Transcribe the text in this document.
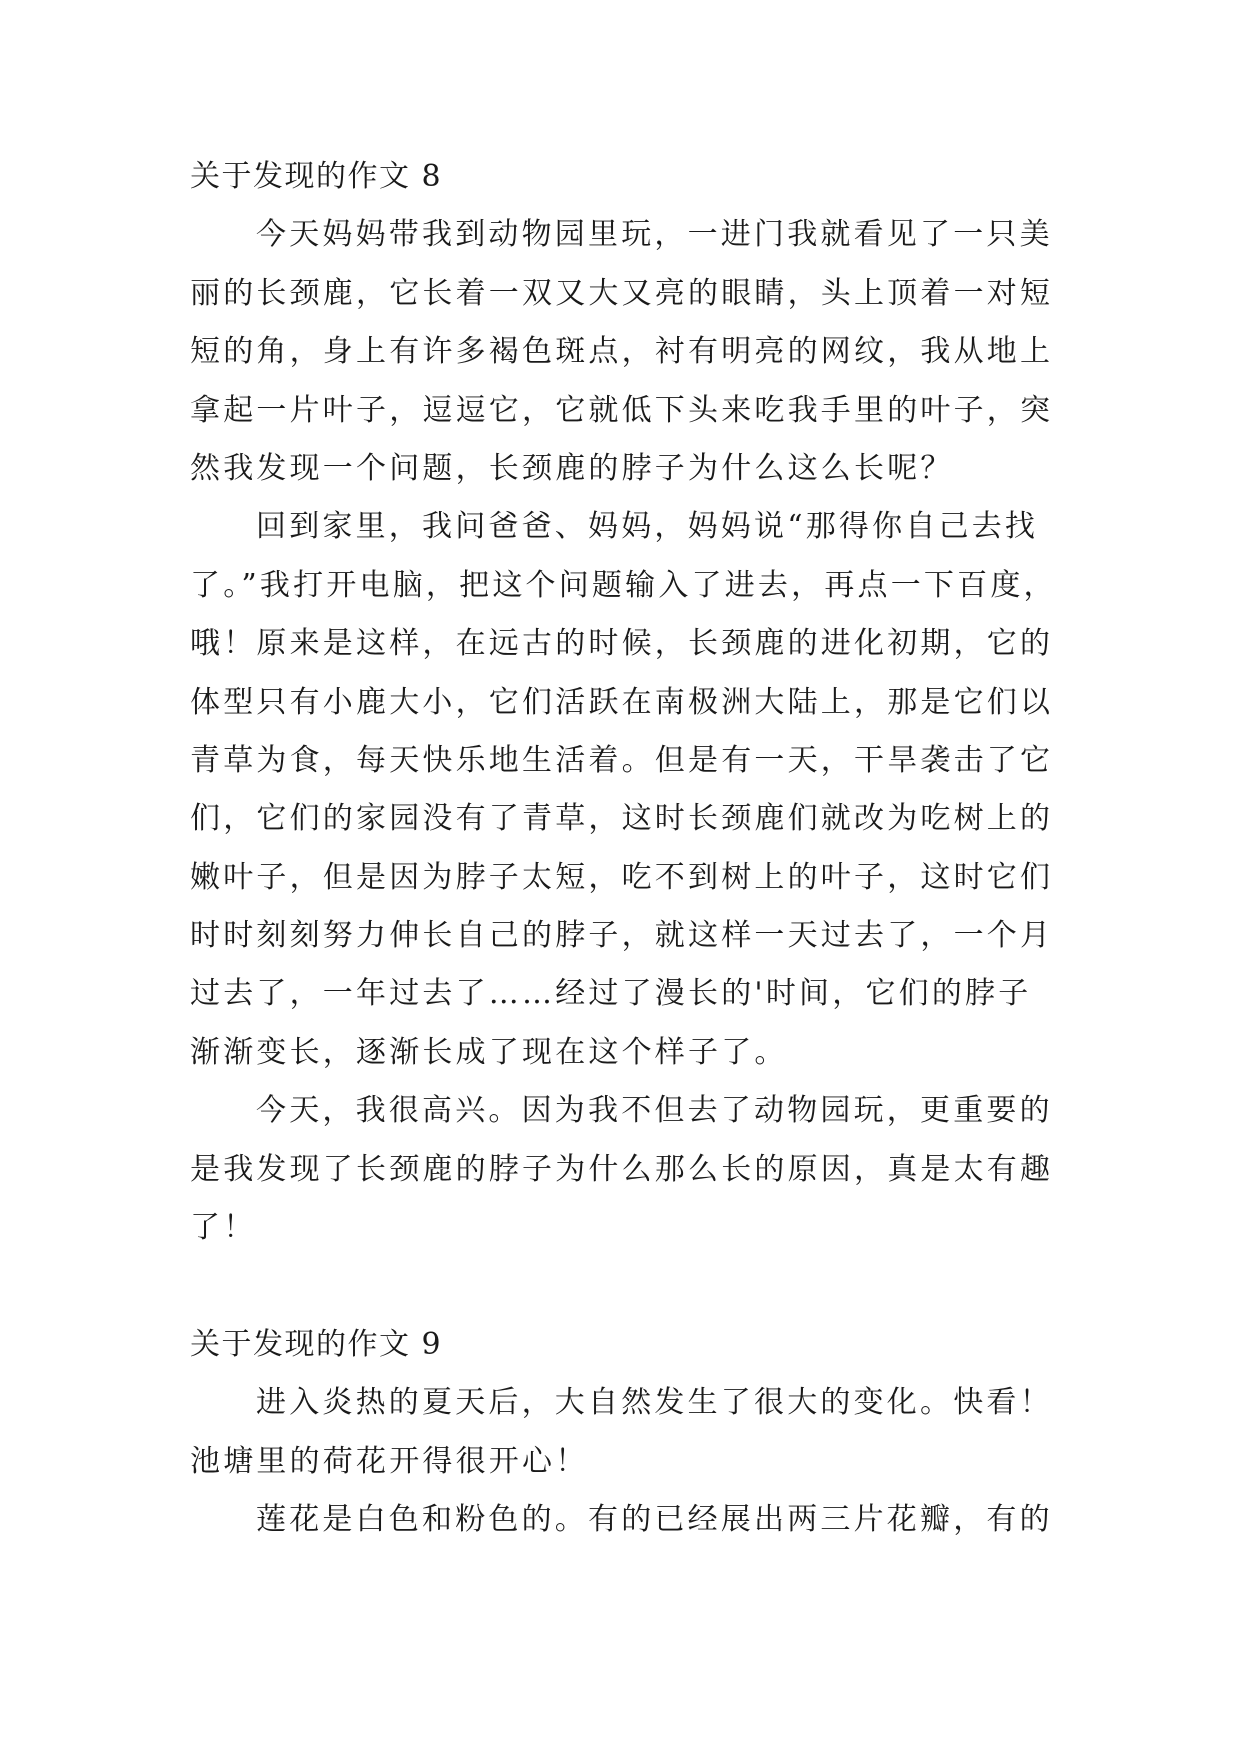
关于发现的作文 8
今天妈妈带我到动物园里玩，一进门我就看见了一只美
丽的长颈鹿，它长着一双又大又亮的眼睛，头上顶着一对短
短的角，身上有许多褐色斑点，衬有明亮的网纹，我从地上
拿起一片叶子，逗逗它，它就低下头来吃我手里的叶子，突
然我发现一个问题，长颈鹿的脖子为什么这么长呢？
回到家里，我问爸爸、妈妈，妈妈说“那得你自己去找
了。”我打开电脑，把这个问题输入了进去，再点一下百度，
哦！原来是这样，在远古的时候，长颈鹿的进化初期，它的
体型只有小鹿大小，它们活跃在南极洲大陆上，那是它们以
青草为食，每天快乐地生活着。但是有一天，干旱袭击了它
们，它们的家园没有了青草，这时长颈鹿们就改为吃树上的
嫩叶子，但是因为脖子太短，吃不到树上的叶子，这时它们
时时刻刻努力伸长自己的脖子，就这样一天过去了，一个月
过去了，一年过去了……经过了漫长的'时间，它们的脖子
渐渐变长，逐渐长成了现在这个样子了。
今天，我很高兴。因为我不但去了动物园玩，更重要的
是我发现了长颈鹿的脖子为什么那么长的原因，真是太有趣
了！
关于发现的作文 9
进入炎热的夏天后，大自然发生了很大的变化。快看！
池塘里的荷花开得很开心！
莲花是白色和粉色的。有的已经展出两三片花瓣，有的
